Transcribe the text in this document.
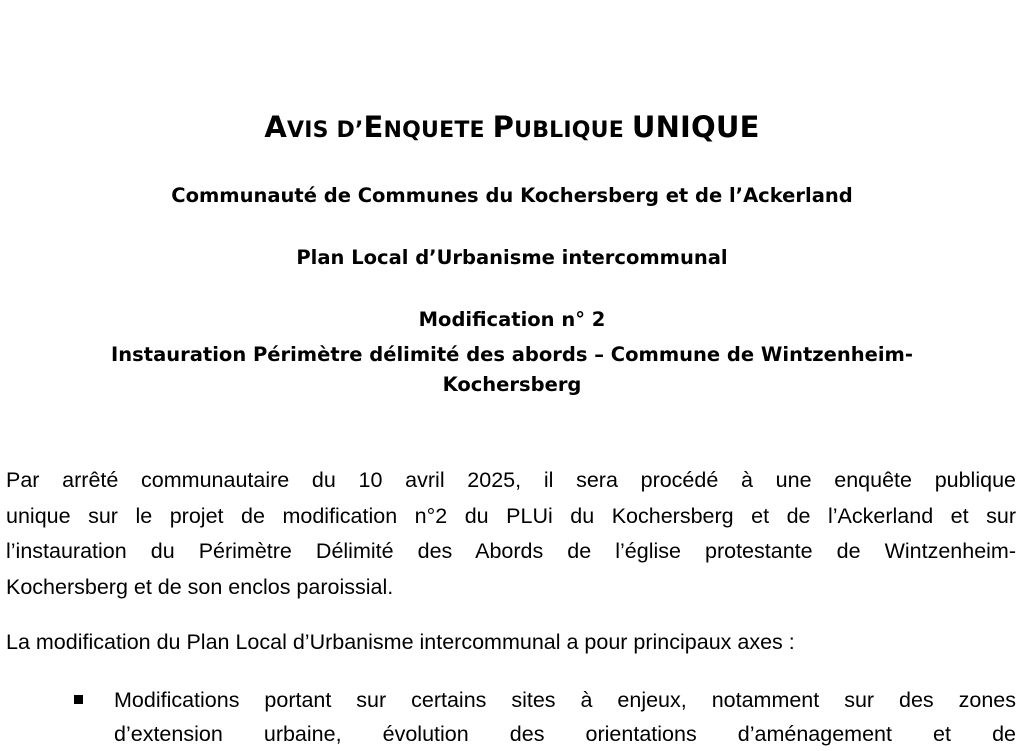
AVIS D’ENQUETE PUBLIQUE UNIQUE
Communauté de Communes du Kochersberg et de l’Ackerland
Plan Local d’Urbanisme intercommunal
Modification n° 2
Instauration Périmètre délimité des abords – Commune de Wintzenheim-
Kochersberg
Par arrêté communautaire du 10 avril 2025, il sera procédé à une enquête publique
unique sur le projet de modification n°2 du PLUi du Kochersberg et de l’Ackerland et sur
l’instauration du Périmètre Délimité des Abords de l’église protestante de Wintzenheim-
Kochersberg et de son enclos paroissial.
La modification du Plan Local d’Urbanisme intercommunal a pour principaux axes :
Modifications portant sur certains sites à enjeux, notamment sur des zones
d’extension urbaine, évolution des orientations d’aménagement et de
